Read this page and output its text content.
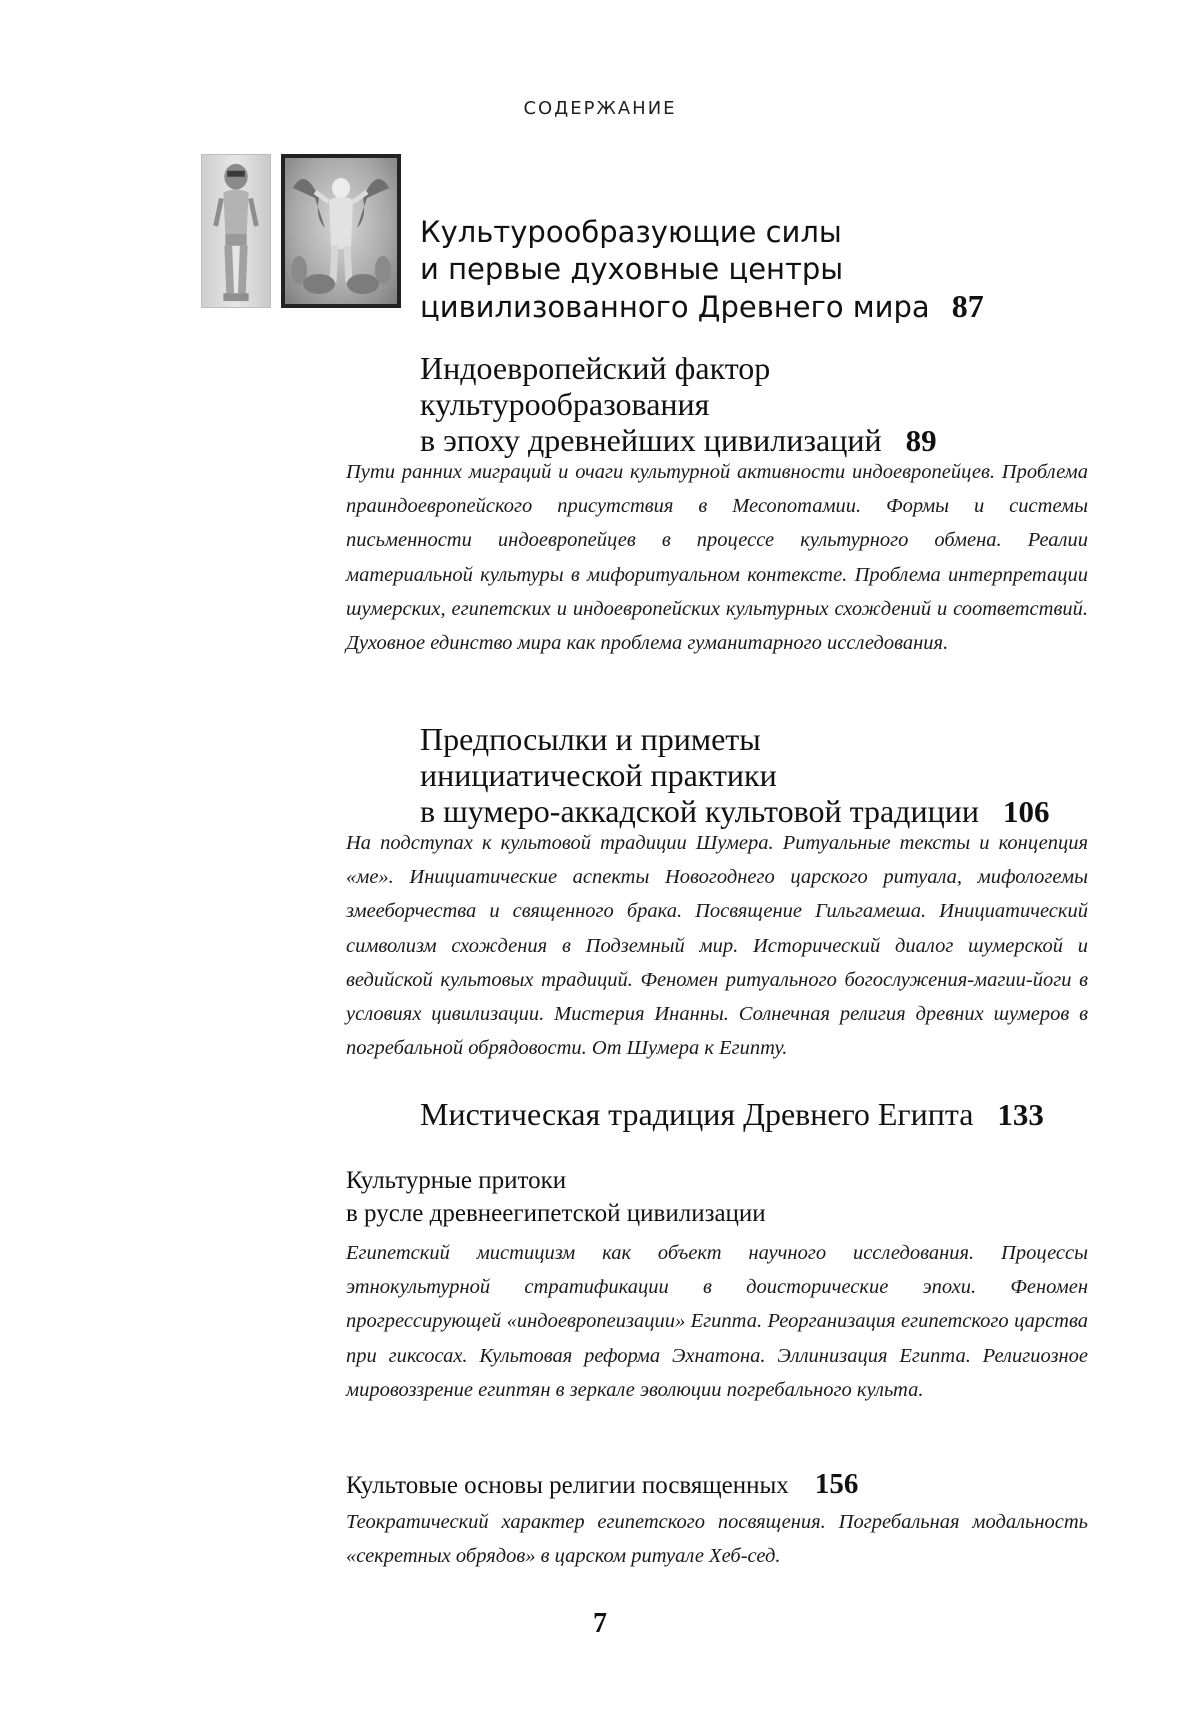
СОДЕРЖАНИЕ
Культурообразующие силы
и первые духовные центры
цивилизованного Древнего мира 87
Индоевропейский фактор
культурообразования
в эпоху древнейших цивилизаций 89

Пути ранних миграций и очаги культурной активности индоевропейцев. Проблема праиндоевропейского присутствия в Месопотамии. Формы и системы письменности индоевропейцев в процессе культурного обмена. Реалии материальной культуры в мифоритуальном контексте. Проблема интерпретации шумерских, египетских и индоевропейских культурных схождений и соответствий. Духовное единство мира как проблема гуманитарного исследования.

Предпосылки и приметы
инициатической практики
в шумеро-аккадской культовой традиции 106

На подступах к культовой традиции Шумера. Ритуальные тексты и концепция «ме». Инициатические аспекты Новогоднего царского ритуала, мифологемы змееборчества и священного брака. Посвящение Гильгамеша. Инициатический символизм схождения в Подземный мир. Исторический диалог шумерской и ведийской культовых традиций. Феномен ритуального богослужения-магии-йоги в условиях цивилизации. Мистерия Инанны. Солнечная религия древних шумеров в погребальной обрядовости. От Шумера к Египту.

Мистическая традиция Древнего Египта 133
Культурные притоки
в русле древнеегипетской цивилизации

Египетский мистицизм как объект научного исследования. Процессы этнокультурной стратификации в доисторические эпохи. Феномен прогрессирующей «индоевропеизации» Египта. Реорганизация египетского царства при гиксосах. Культовая реформа Эхнатона. Эллинизация Египта. Религиозное мировоззрение египтян в зеркале эволюции погребального культа.

Культовые основы религии посвященных 156

Теократический характер египетского посвящения. Погребальная модальность «секретных обрядов» в царском ритуале Хеб-сед.

7
